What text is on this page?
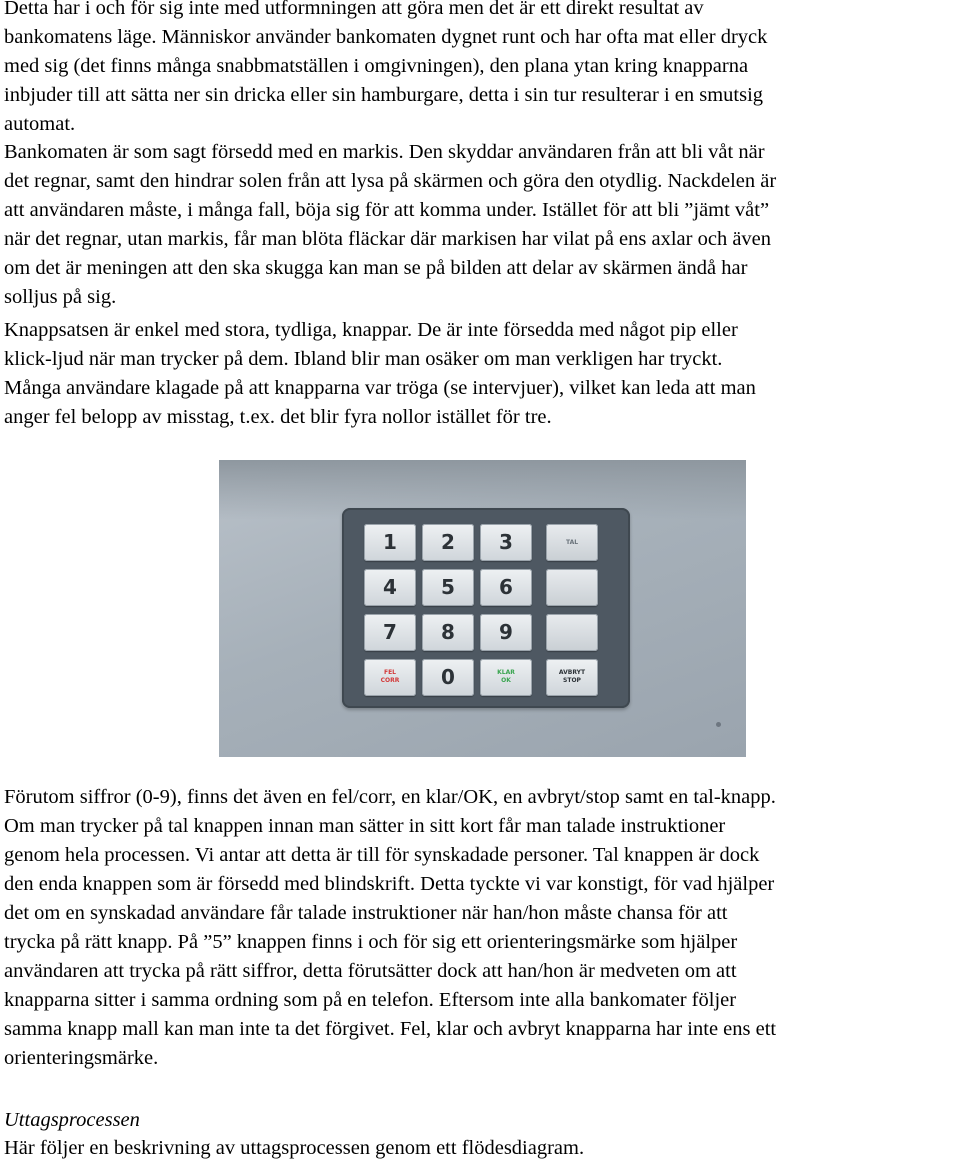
Detta har i och för sig inte med utformningen att göra men det är ett direkt resultat av
bankomatens läge. Människor använder bankomaten dygnet runt och har ofta mat eller dryck
med sig (det finns många snabbmatställen i omgivningen), den plana ytan kring knapparna
inbjuder till att sätta ner sin dricka eller sin hamburgare, detta i sin tur resulterar i en smutsig
automat.
Bankomaten är som sagt försedd med en markis. Den skyddar användaren från att bli våt när
det regnar, samt den hindrar solen från att lysa på skärmen och göra den otydlig. Nackdelen är
att användaren måste, i många fall, böja sig för att komma under. Istället för att bli ”jämt våt”
när det regnar, utan markis, får man blöta fläckar där markisen har vilat på ens axlar och även
om det är meningen att den ska skugga kan man se på bilden att delar av skärmen ändå har
solljus på sig.
Knappsatsen är enkel med stora, tydliga, knappar. De är inte försedda med något pip eller
klick-ljud när man trycker på dem. Ibland blir man osäker om man verkligen har tryckt.
Många användare klagade på att knapparna var tröga (se intervjuer), vilket kan leda att man
anger fel belopp av misstag, t.ex. det blir fyra nollor istället för tre.
1	2	3	TAL
4	5	6
7	8	9
FEL
CORR	0	KLAR
OK
AVBRYT
STOP
Förutom siffror (0-9), finns det även en fel/corr, en klar/OK, en avbryt/stop samt en tal-knapp.
Om man trycker på tal knappen innan man sätter in sitt kort får man talade instruktioner
genom hela processen. Vi antar att detta är till för synskadade personer. Tal knappen är dock
den enda knappen som är försedd med blindskrift. Detta tyckte vi var konstigt, för vad hjälper
det om en synskadad användare får talade instruktioner när han/hon måste chansa för att
trycka på rätt knapp. På ”5” knappen finns i och för sig ett orienteringsmärke som hjälper
användaren att trycka på rätt siffror, detta förutsätter dock att han/hon är medveten om att
knapparna sitter i samma ordning som på en telefon. Eftersom inte alla bankomater följer
samma knapp mall kan man inte ta det förgivet. Fel, klar och avbryt knapparna har inte ens ett
orienteringsmärke.

Uttagsprocessen

Här följer en beskrivning av uttagsprocessen genom ett flödesdiagram.
